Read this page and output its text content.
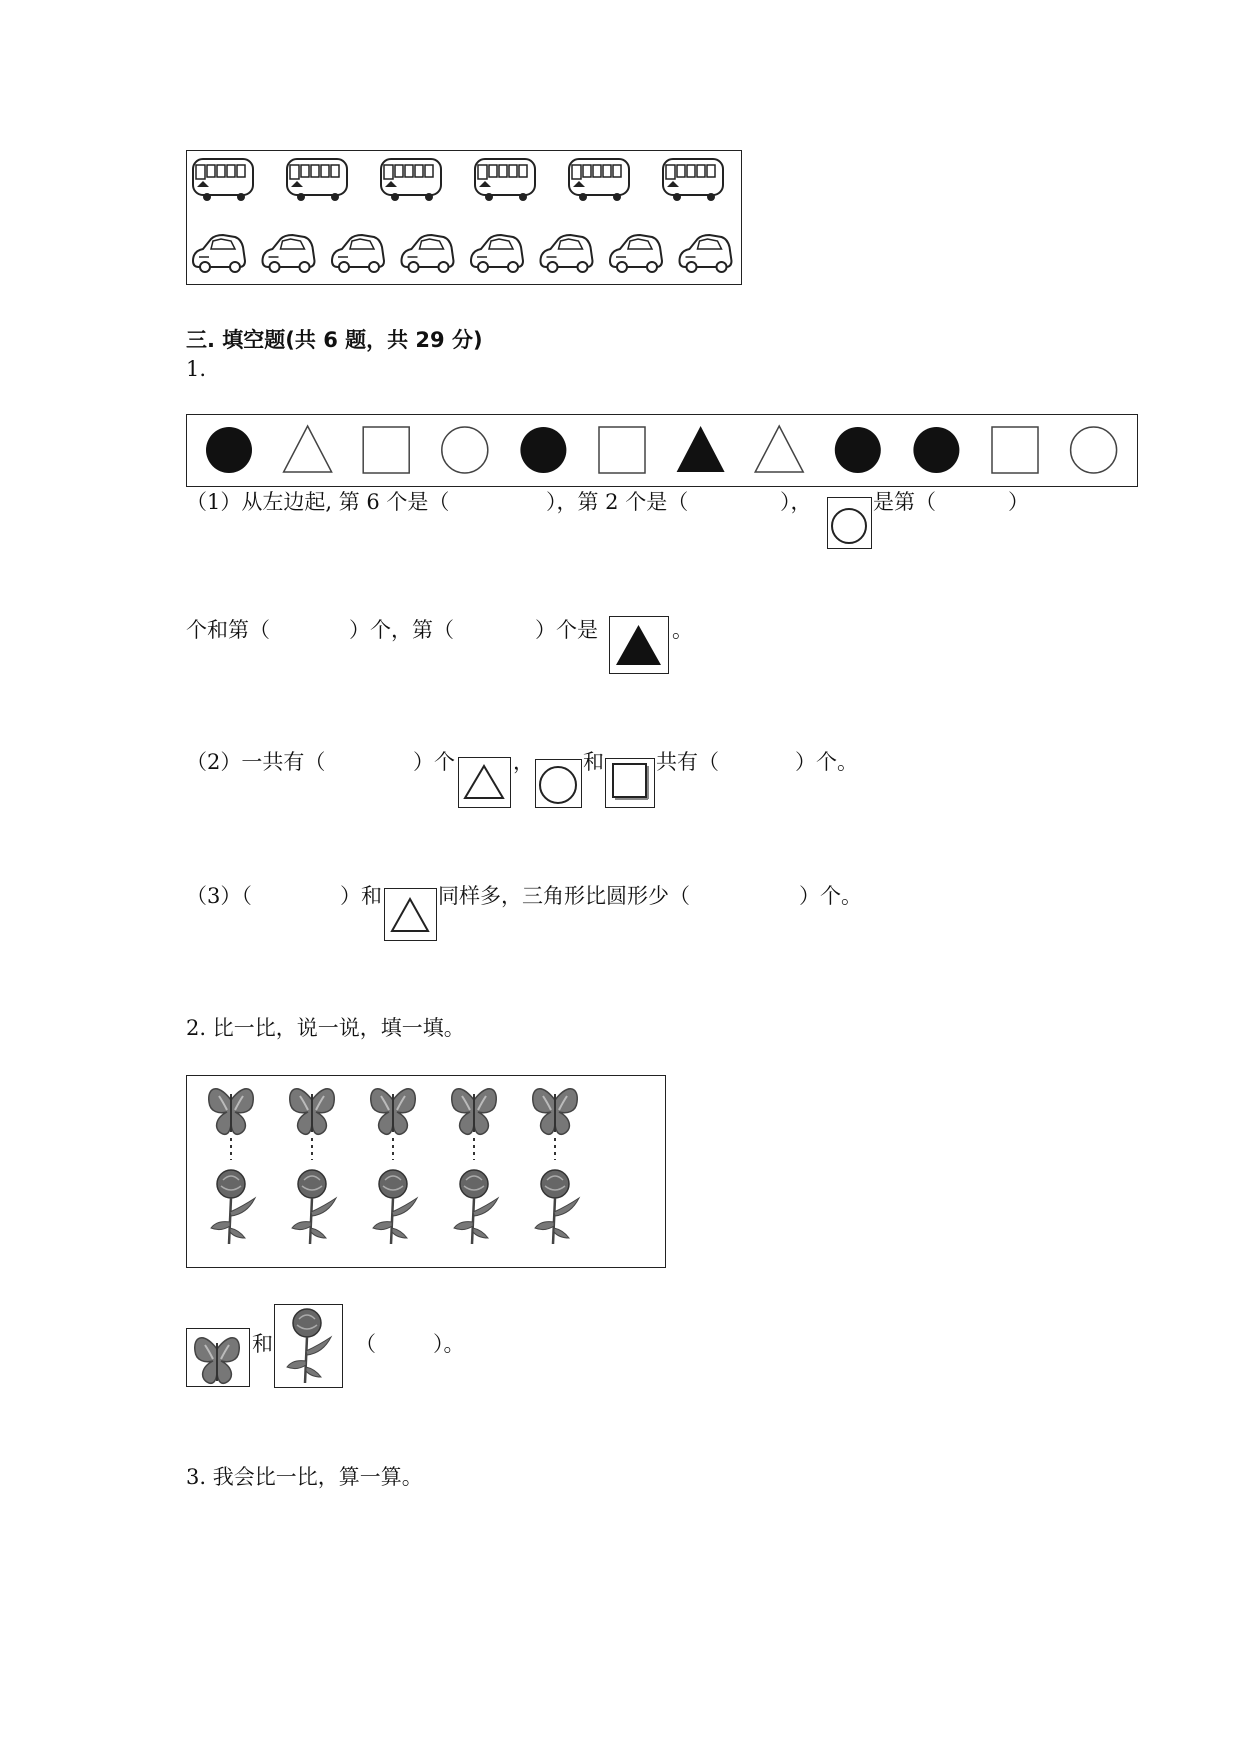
三. 填空题(共 6 题，共 29 分)
1.
（1）从左边起, 第 6 个是（	），第 2 个是（	），	是第（	）
个和第（	）个，第（	）个是	。
（2）一共有（	）个	， 和 共有（	）个。
（3）（	）和	同样多，三角形比圆形少（	）个。
2. 比一比，说一说，填一填。
和	（	）。
3. 我会比一比，算一算。
